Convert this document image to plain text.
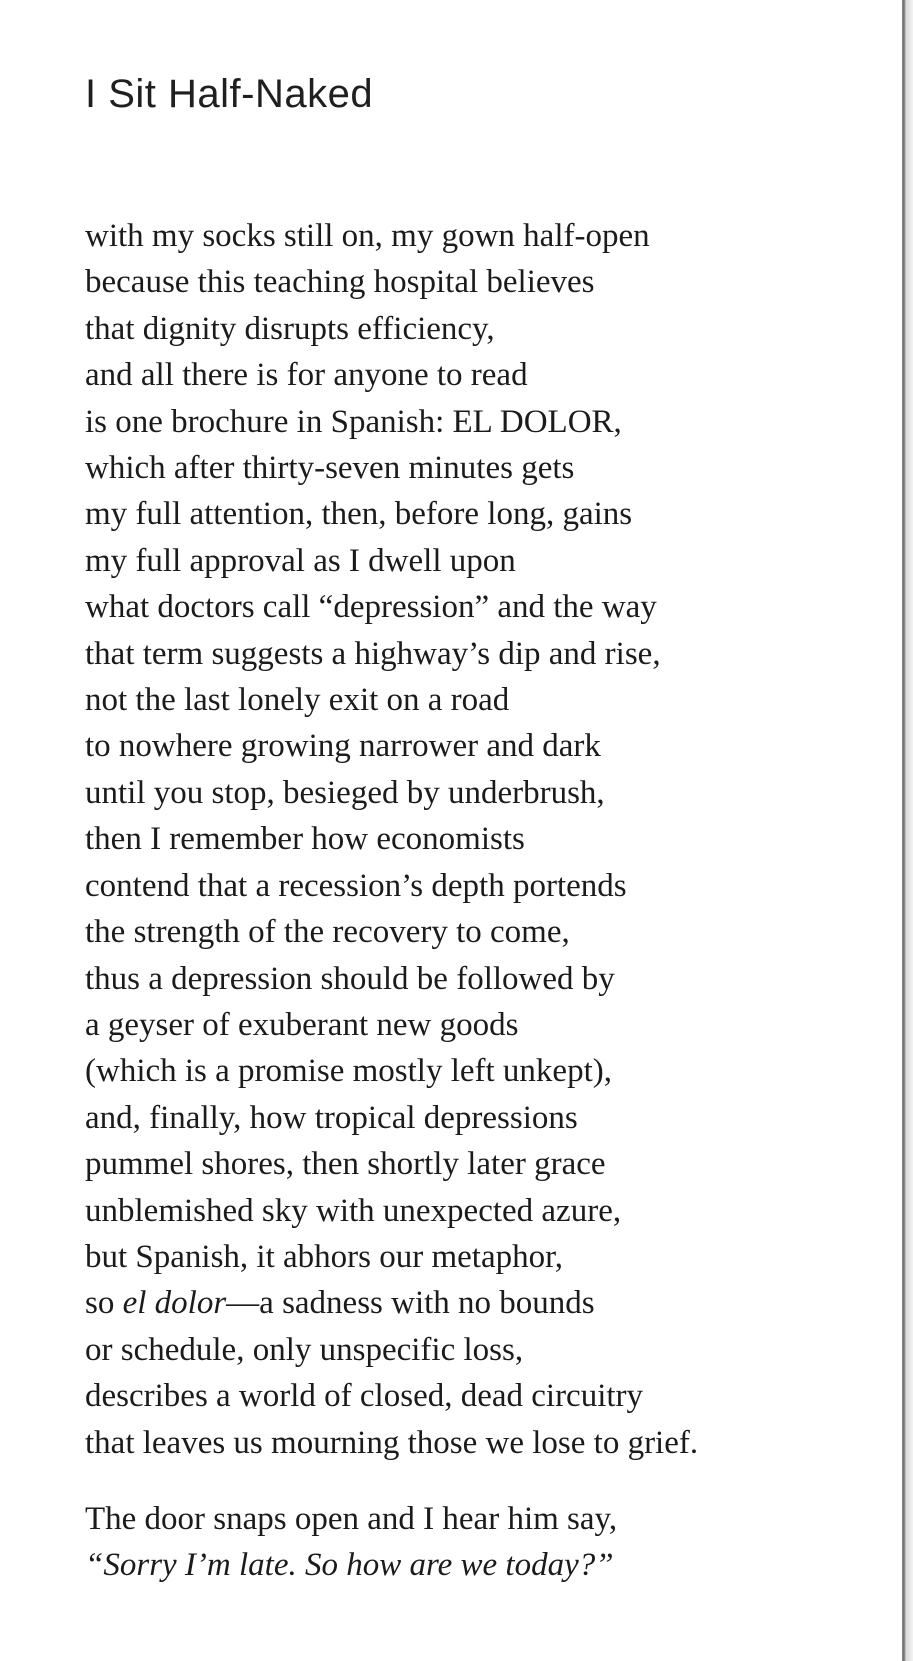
I Sit Half-Naked
with my socks still on, my gown half-open
because this teaching hospital believes
that dignity disrupts efficiency,
and all there is for anyone to read
is one brochure in Spanish: EL DOLOR,
which after thirty-seven minutes gets
my full attention, then, before long, gains
my full approval as I dwell upon
what doctors call “depression” and the way
that term suggests a highway’s dip and rise,
not the last lonely exit on a road
to nowhere growing narrower and dark
until you stop, besieged by underbrush,
then I remember how economists
contend that a recession’s depth portends
the strength of the recovery to come,
thus a depression should be followed by
a geyser of exuberant new goods
(which is a promise mostly left unkept),
and, finally, how tropical depressions
pummel shores, then shortly later grace
unblemished sky with unexpected azure,
but Spanish, it abhors our metaphor,
so el dolor—a sadness with no bounds
or schedule, only unspecific loss,
describes a world of closed, dead circuitry
that leaves us mourning those we lose to grief.
The door snaps open and I hear him say,
“Sorry I’m late. So how are we today?”
